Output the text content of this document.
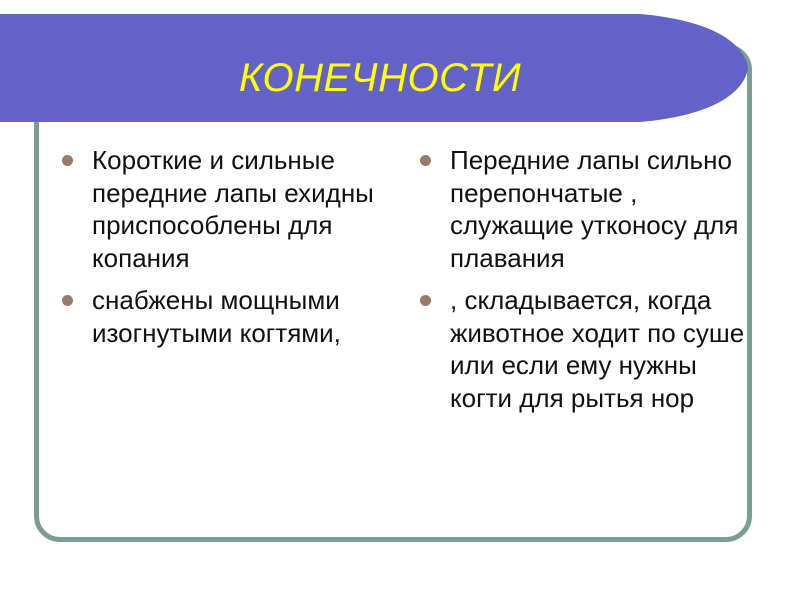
КОНЕЧНОСТИ
Короткие и сильные передние лапы ехидны приспособлены для копания
снабжены мощными изогнутыми когтями,
Передние лапы сильно перепончатые , служащие утконосу для плавания
, складывается, когда животное ходит по суше или если ему нужны когти для рытья нор
